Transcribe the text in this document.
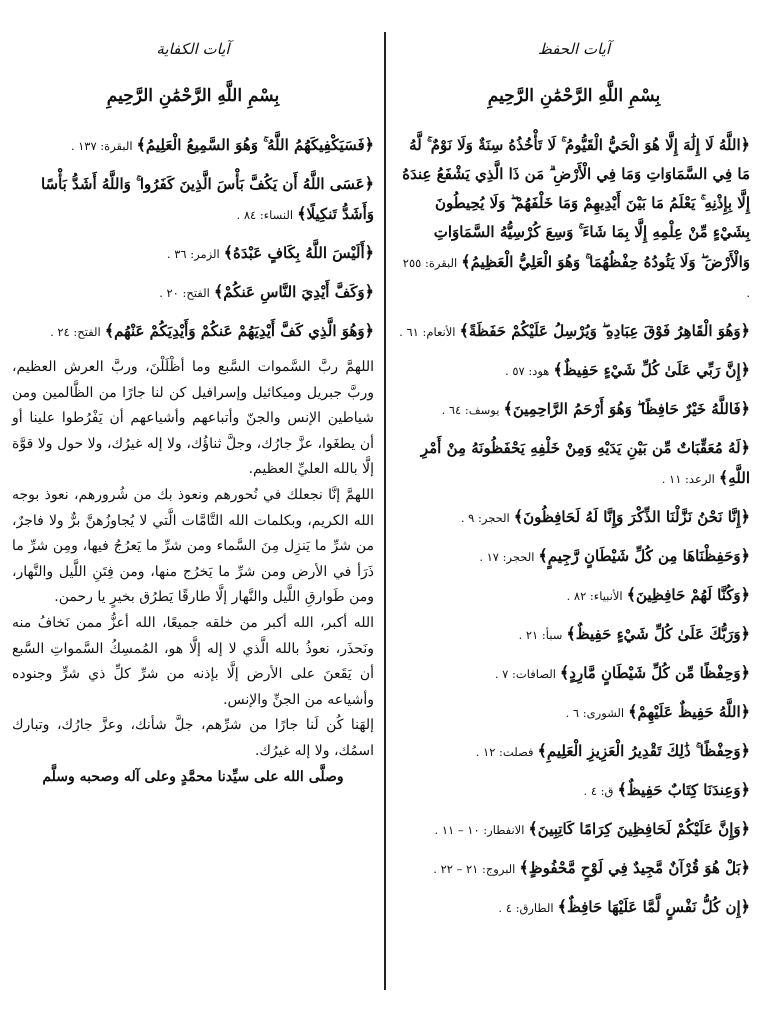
آيات الحفظ
بِسْمِ اللَّهِ الرَّحْمَٰنِ الرَّحِيمِ
﴿اللَّهُ لَا إِلَٰهَ إِلَّا هُوَ الْحَيُّ الْقَيُّومُ ۚ لَا تَأْخُذُهُ سِنَةٌ وَلَا نَوْمٌ ۚ لَّهُ مَا فِي السَّمَاوَاتِ وَمَا فِي الْأَرْضِ ۗ مَن ذَا الَّذِي يَشْفَعُ عِندَهُ إِلَّا بِإِذْنِهِ ۚ يَعْلَمُ مَا بَيْنَ أَيْدِيهِمْ وَمَا خَلْفَهُمْ ۖ وَلَا يُحِيطُونَ بِشَيْءٍ مِّنْ عِلْمِهِ إِلَّا بِمَا شَاءَ ۚ وَسِعَ كُرْسِيُّهُ السَّمَاوَاتِ وَالْأَرْضَ ۖ وَلَا يَئُودُهُ حِفْظُهُمَا ۚ وَهُوَ الْعَلِيُّ الْعَظِيمُ﴾البقرة: ٢٥٥ .
﴿وَهُوَ الْقَاهِرُ فَوْقَ عِبَادِهِ ۖ وَيُرْسِلُ عَلَيْكُمْ حَفَظَةً﴾الأنعام: ٦١ .
﴿إِنَّ رَبِّي عَلَىٰ كُلِّ شَيْءٍ حَفِيظٌ﴾هود: ٥٧ .
﴿فَاللَّهُ خَيْرٌ حَافِظًا ۖ وَهُوَ أَرْحَمُ الرَّاحِمِينَ﴾يوسف: ٦٤ .
﴿لَهُ مُعَقِّبَاتٌ مِّن بَيْنِ يَدَيْهِ وَمِنْ خَلْفِهِ يَحْفَظُونَهُ مِنْ أَمْرِ اللَّهِ﴾الرعد: ١١ .
﴿إِنَّا نَحْنُ نَزَّلْنَا الذِّكْرَ وَإِنَّا لَهُ لَحَافِظُونَ﴾الحجر: ٩ .
﴿وَحَفِظْنَاهَا مِن كُلِّ شَيْطَانٍ رَّجِيمٍ﴾الحجر: ١٧ .
﴿وَكُنَّا لَهُمْ حَافِظِينَ﴾الأنبياء: ٨٢ .
﴿وَرَبُّكَ عَلَىٰ كُلِّ شَيْءٍ حَفِيظٌ﴾سبأ: ٢١ .
﴿وَحِفْظًا مِّن كُلِّ شَيْطَانٍ مَّارِدٍ﴾الصافات: ٧ .
﴿اللَّهُ حَفِيظٌ عَلَيْهِمْ﴾الشورى: ٦ .
﴿وَحِفْظًا ۚ ذَٰلِكَ تَقْدِيرُ الْعَزِيزِ الْعَلِيمِ﴾فصلت: ١٢ .
﴿وَعِندَنَا كِتَابٌ حَفِيظٌ﴾ق: ٤ .
﴿وَإِنَّ عَلَيْكُمْ لَحَافِظِينَ كِرَامًا كَاتِبِينَ﴾الانفطار: ١٠ – ١١ .
﴿بَلْ هُوَ قُرْآنٌ مَّجِيدٌ فِي لَوْحٍ مَّحْفُوظٍ﴾البروج: ٢١ – ٢٢ .
﴿إِن كُلُّ نَفْسٍ لَّمَّا عَلَيْهَا حَافِظٌ﴾الطارق: ٤ .
آيات الكفاية
بِسْمِ اللَّهِ الرَّحْمَٰنِ الرَّحِيمِ
﴿فَسَيَكْفِيكَهُمُ اللَّهُ ۚ وَهُوَ السَّمِيعُ الْعَلِيمُ﴾البقرة: ١٣٧ .
﴿عَسَى اللَّهُ أَن يَكُفَّ بَأْسَ الَّذِينَ كَفَرُوا ۚ وَاللَّهُ أَشَدُّ بَأْسًا وَأَشَدُّ تَنكِيلًا﴾النساء: ٨٤ .
﴿أَلَيْسَ اللَّهُ بِكَافٍ عَبْدَهُ﴾الزمر: ٣٦ .
﴿وَكَفَّ أَيْدِيَ النَّاسِ عَنكُمْ﴾الفتح: ٢٠ .
﴿وَهُوَ الَّذِي كَفَّ أَيْدِيَهُمْ عَنكُمْ وَأَيْدِيَكُمْ عَنْهُم﴾الفتح: ٢٤ .

اللهمَّ ربَّ السَّموات السَّبع وما أظْلَلْنَ، وربَّ العرش العظيم، وربَّ جبريل وميكائيل وإسرافيل كن لنا جارًا من الظَّالمين ومن شياطين الإنس والجنّ وأتباعهم وأشياعهم أن يَفْرُطوا علينا أو أن يطغَوا، عزَّ جارُك، وجلَّ ثناؤُك، ولا إله غيرُك، ولا حول ولا قوَّة إلَّا بالله العليِّ العظيم.

اللهمَّ إنَّا نجعلك في نُحورهم ونعوذ بك من شُرورهم، نعوذ بوجه الله الكريم، وبكلمات الله التَّامَّات الَّتي لا يُجاوزُهنَّ برٌّ ولا فاجرٌ، من شرِّ ما يَنزِل مِنَ السَّماء ومن شرِّ ما يَعرُجُ فيها، ومِن شرِّ ما ذَرَأ في الأرض ومن شرِّ ما يَخرُج منها، ومن فِتَنِ اللَّيل والنَّهار، ومن طَوارقِ اللَّيل والنَّهار إلَّا طارقًا يَطرُق بخيرٍ يا رحمن.

الله أكبر، الله أكبر من خلقه جميعًا، الله أعزُّ ممن نَخافُ منه ونَحذَر، نعوذُ بالله الَّذي لا إله إلَّا هو، المُمسِكُ السَّمواتِ السَّبع أن يَقَعنَ على الأرض إلَّا بإذنه من شرِّ كلِّ ذي شرٍّ وجنوده وأشياعه من الجنِّ والإنس.

إلهَنا كُن لَنا جارًا من شرِّهم، جلَّ شأنك، وعزَّ جارُك، وتبارك اسمُك، ولا إله غيرُك.

وصلَّى الله على سيِّدنا محمَّدٍ وعلى آله وصحبه وسلَّم
